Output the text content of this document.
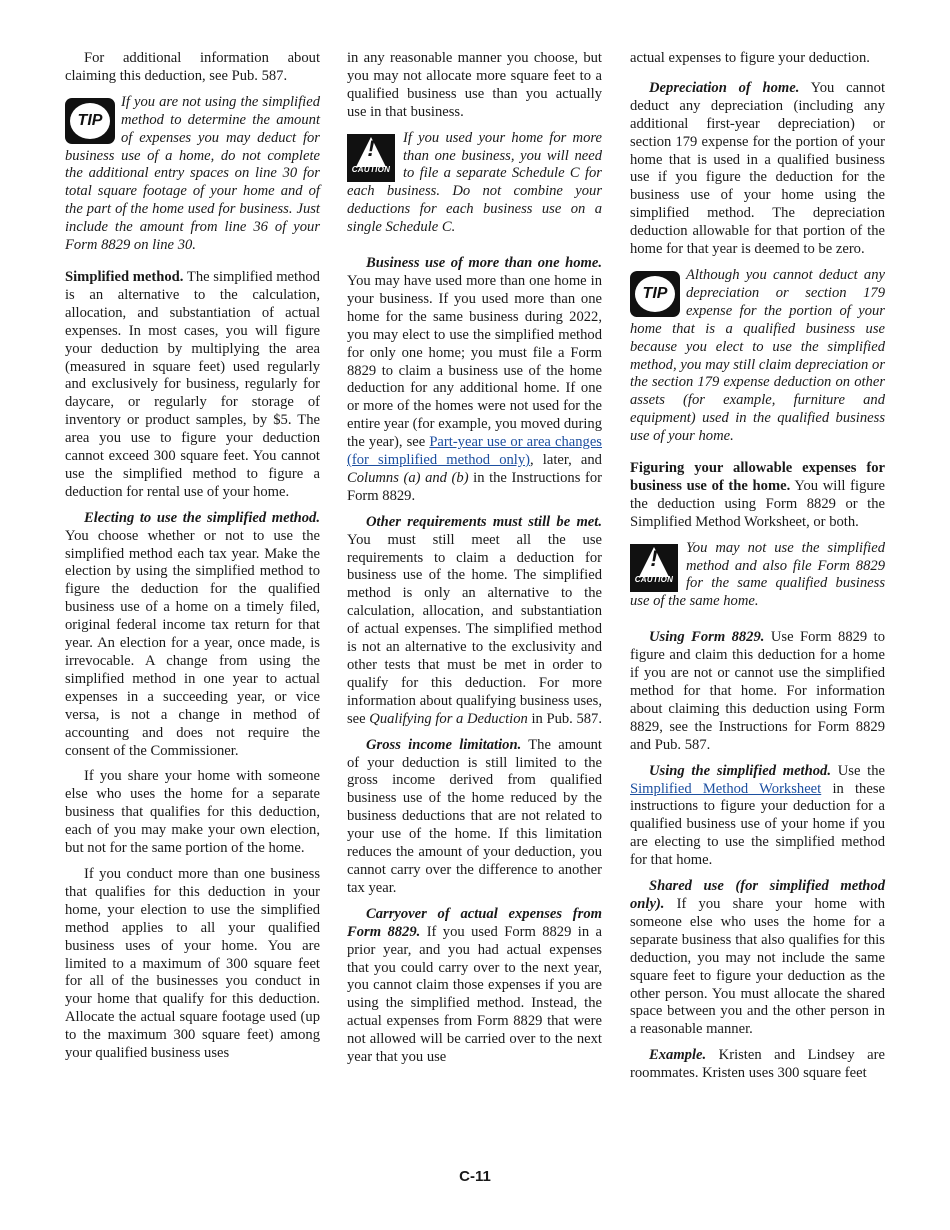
For additional information about claiming this deduction, see Pub. 587.

TIP
If you are not using the simplified method to determine the amount of expenses you may deduct for business use of a home, do not complete the additional entry spaces on line 30 for total square footage of your home and of the part of the home used for business. Just include the amount from line 36 of your Form 8829 on line 30.

Simplified method. The simplified method is an alternative to the calculation, allocation, and substantiation of actual expenses. In most cases, you will figure your deduction by multiplying the area (measured in square feet) used regularly and exclusively for business, regularly for daycare, or regularly for storage of inventory or product samples, by $5. The area you use to figure your deduction cannot exceed 300 square feet. You cannot use the simplified method to figure a deduction for rental use of your home.

Electing to use the simplified method. You choose whether or not to use the simplified method each tax year. Make the election by using the simplified method to figure the deduction for the qualified business use of a home on a timely filed, original federal income tax return for that year. An election for a year, once made, is irrevocable. A change from using the simplified method in one year to actual expenses in a succeeding year, or vice versa, is not a change in method of accounting and does not require the consent of the Commissioner.

If you share your home with someone else who uses the home for a separate business that qualifies for this deduction, each of you may make your own election, but not for the same portion of the home.

If you conduct more than one business that qualifies for this deduction in your home, your election to use the simplified method applies to all your qualified business uses of your home. You are limited to a maximum of 300 square feet for all of the businesses you conduct in your home that qualify for this deduction. Allocate the actual square footage used (up to the maximum 300 square feet) among your qualified business uses

in any reasonable manner you choose, but you may not allocate more square feet to a qualified business use than you actually use in that business.

!
CAUTION
If you used your home for more than one business, you will need to file a separate Schedule C for each business. Do not combine your deductions for each business use on a single Schedule C.

Business use of more than one home. You may have used more than one home in your business. If you used more than one home for the same business during 2022, you may elect to use the simplified method for only one home; you must file a Form 8829 to claim a business use of the home deduction for any additional home. If one or more of the homes were not used for the entire year (for example, you moved during the year), see Part-year use or area changes (for simplified method only), later, and Columns (a) and (b) in the Instructions for Form 8829.

Other requirements must still be met. You must still meet all the use requirements to claim a deduction for business use of the home. The simplified method is only an alternative to the calculation, allocation, and substantiation of actual expenses. The simplified method is not an alternative to the exclusivity and other tests that must be met in order to qualify for this deduction. For more information about qualifying business uses, see Qualifying for a Deduction in Pub. 587.

Gross income limitation. The amount of your deduction is still limited to the gross income derived from qualified business use of the home reduced by the business deductions that are not related to your use of the home. If this limitation reduces the amount of your deduction, you cannot carry over the difference to another tax year.

Carryover of actual expenses from Form 8829. If you used Form 8829 in a prior year, and you had actual expenses that you could carry over to the next year, you cannot claim those expenses if you are using the simplified method. Instead, the actual expenses from Form 8829 that were not allowed will be carried over to the next year that you use

actual expenses to figure your deduction.

Depreciation of home. You cannot deduct any depreciation (including any additional first-year depreciation) or section 179 expense for the portion of your home that is used in a qualified business use if you figure the deduction for the business use of your home using the simplified method. The depreciation deduction allowable for that portion of the home for that year is deemed to be zero.

TIP
Although you cannot deduct any depreciation or section 179 expense for the portion of your home that is a qualified business use because you elect to use the simplified method, you may still claim depreciation or the section 179 expense deduction on other assets (for example, furniture and equipment) used in the qualified business use of your home.

Figuring your allowable expenses for business use of the home. You will figure the deduction using Form 8829 or the Simplified Method Worksheet, or both.

!
CAUTION
You may not use the simplified method and also file Form 8829 for the same qualified business use of the same home.

Using Form 8829. Use Form 8829 to figure and claim this deduction for a home if you are not or cannot use the simplified method for that home. For information about claiming this deduction using Form 8829, see the Instructions for Form 8829 and Pub. 587.

Using the simplified method. Use the Simplified Method Worksheet in these instructions to figure your deduction for a qualified business use of your home if you are electing to use the simplified method for that home.

Shared use (for simplified method only). If you share your home with someone else who uses the home for a separate business that also qualifies for this deduction, you may not include the same square feet to figure your deduction as the other person. You must allocate the shared space between you and the other person in a reasonable manner.

Example. Kristen and Lindsey are roommates. Kristen uses 300 square feet

C-11
